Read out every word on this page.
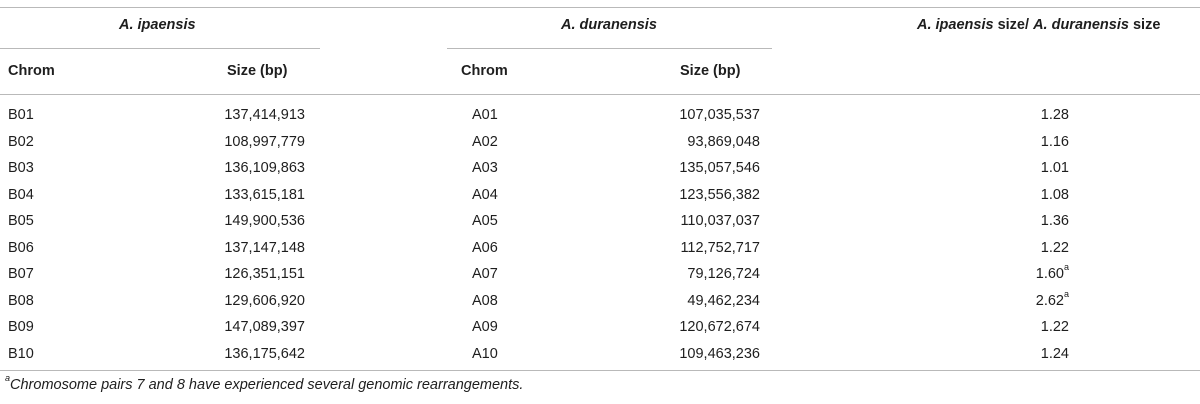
A. ipaensis	A. duranensis	A. ipaensis size/ A. duranensis size
Chrom	Size (bp)	Chrom	Size (bp)
B01	137,414,913	A01	107,035,537	1.28
B02	108,997,779	A02	93,869,048	1.16
B03	136,109,863	A03	135,057,546	1.01
B04	133,615,181	A04	123,556,382	1.08
B05	149,900,536	A05	110,037,037	1.36
B06	137,147,148	A06	112,752,717	1.22
B07	126,351,151	A07	79,126,724	1.60$^a$
B08	129,606,920	A08	49,462,234	2.62$^a$
B09	147,089,397	A09	120,672,674	1.22
B10	136,175,642	A10	109,463,236	1.24
$^a$Chromosome pairs 7 and 8 have experienced several genomic rearrangements.
